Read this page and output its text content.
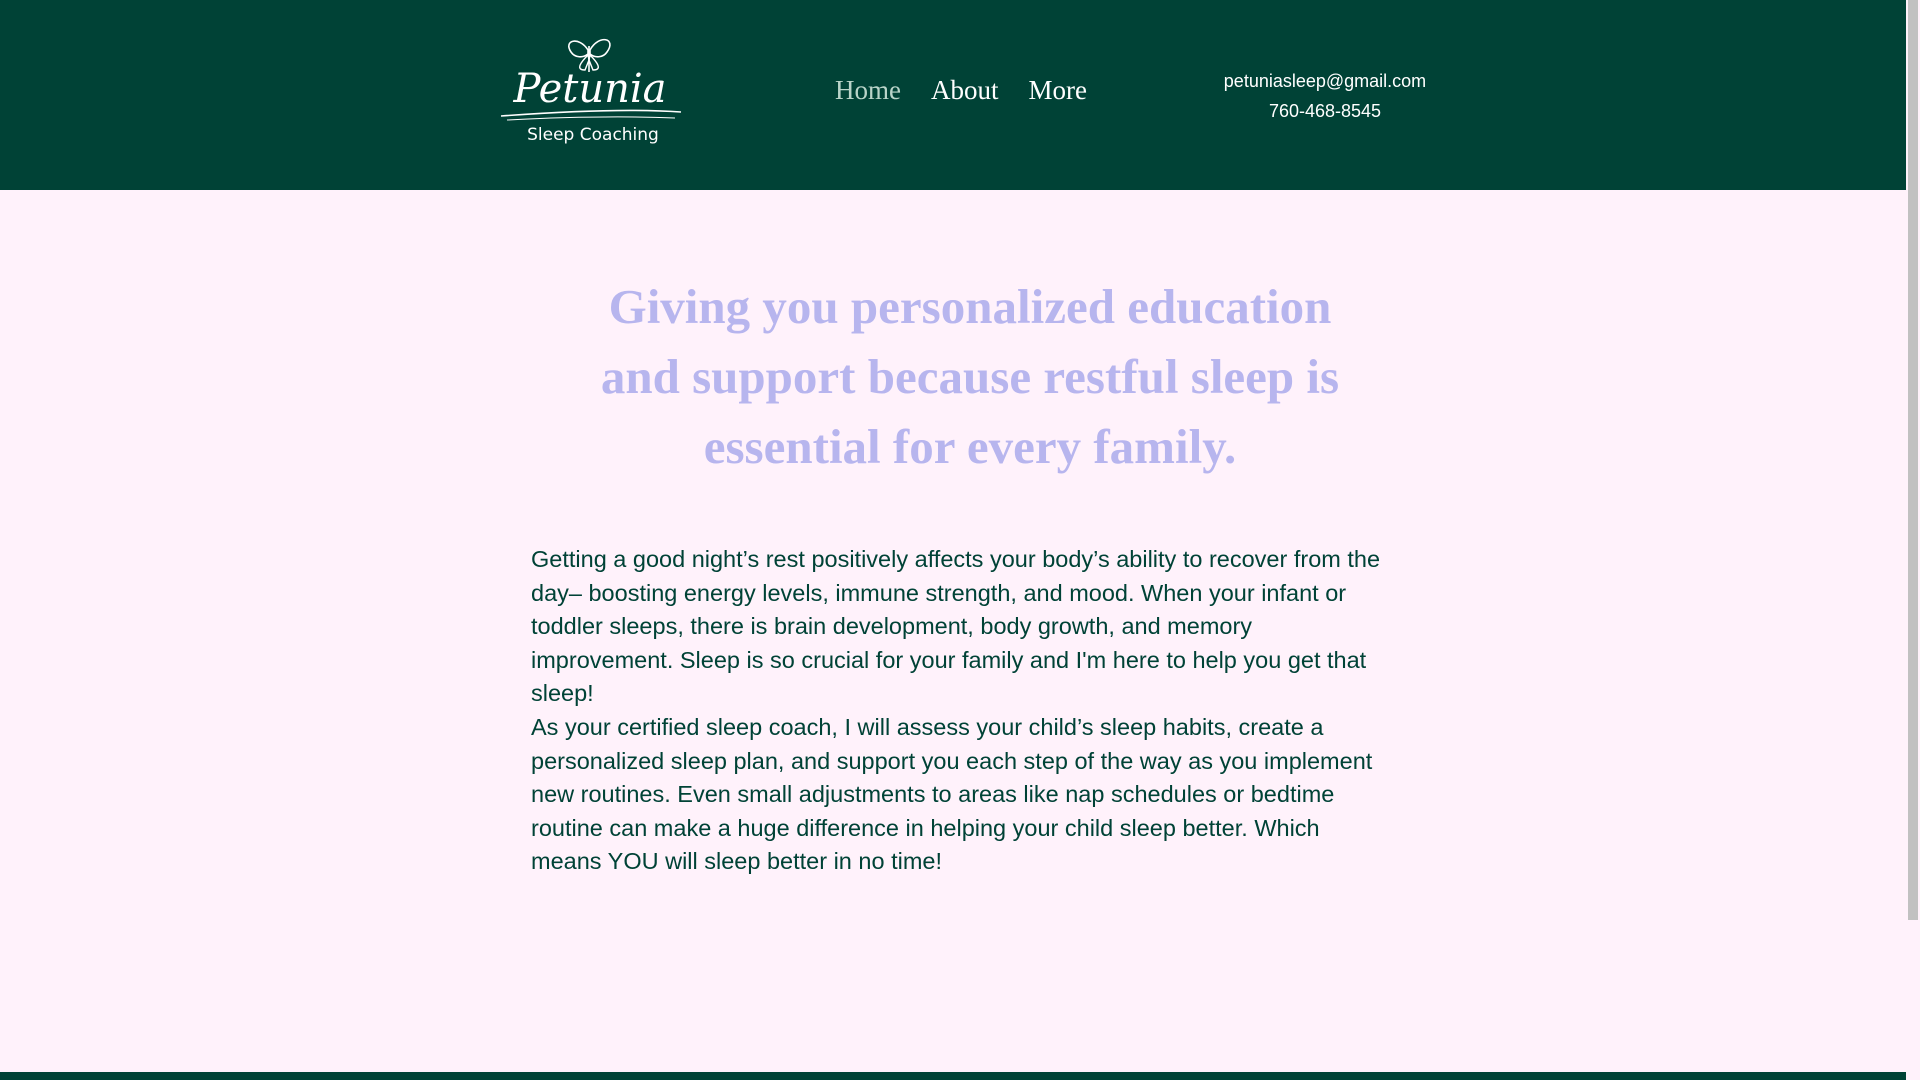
Petunia
Sleep Coaching
Home About More	petuniasleep@gmail.com
760-468-8545
Giving you personalized education and support because restful sleep is essential for every family.

Getting a good night’s rest positively affects your body’s ability to recover from the day– boosting energy levels, immune strength, and mood. When your infant or toddler sleeps, there is brain development, body growth, and memory improvement. Sleep is so crucial for your family and I'm here to help you get that sleep!

As your certified sleep coach, I will assess your child’s sleep habits, create a personalized sleep plan, and support you each step of the way as you implement new routines. Even small adjustments to areas like nap schedules or bedtime routine can make a huge difference in helping your child sleep better. Which means YOU will sleep better in no time!
